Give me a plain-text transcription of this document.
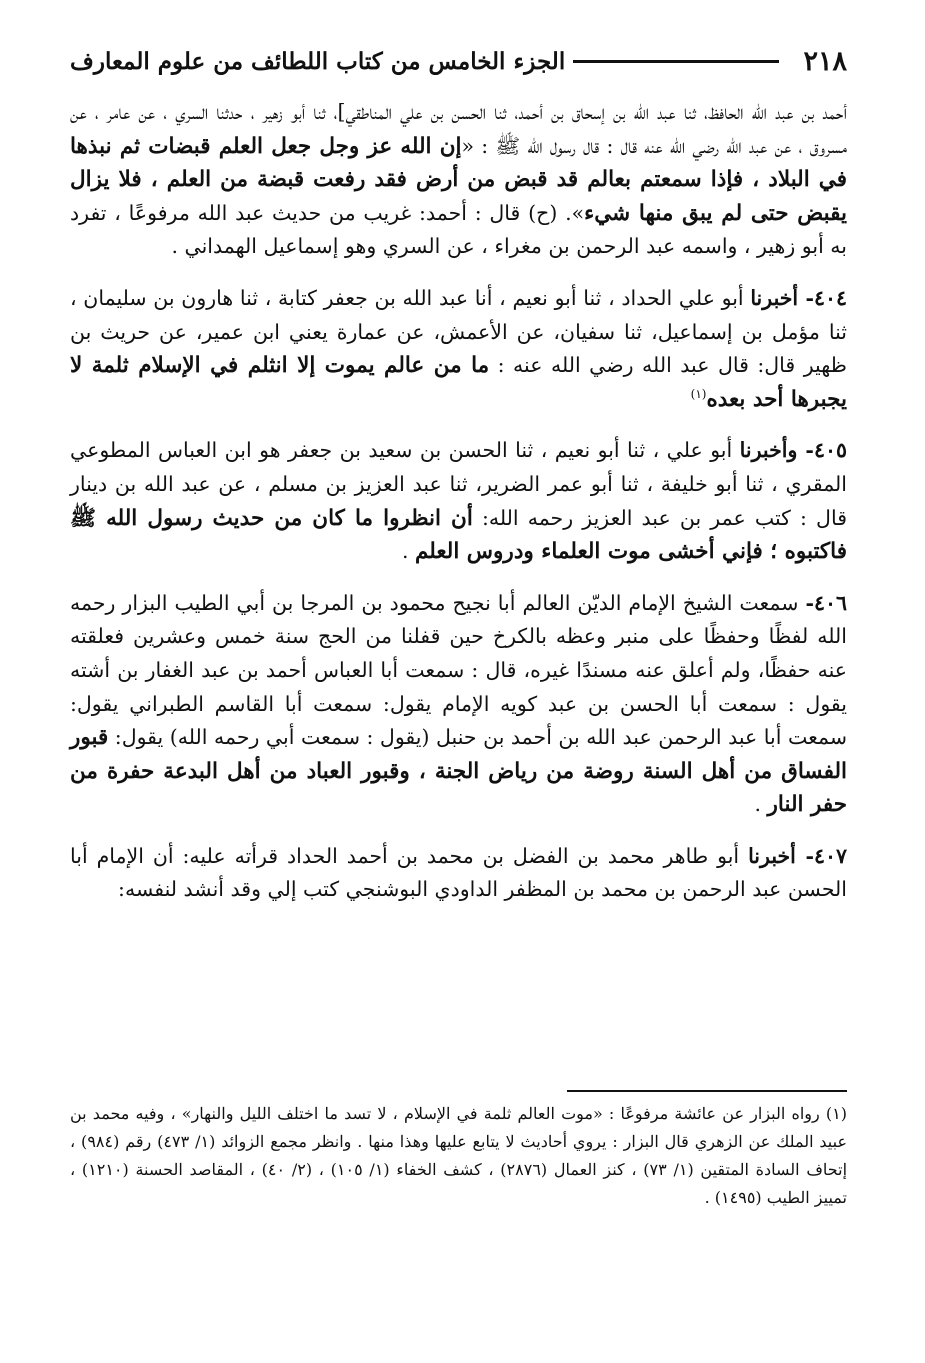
٢١٨
الجزء الخامس من كتاب اللطائف من علوم المعارف

أحمد بن عبد الله الحافظ، ثنا عبد الله بن إسحاق بن أحمد، ثنا الحسن بن علي المناطقي]، ثنا أبو زهير ، حدثنا السري ، عن عامر ، عن مسروق ، عن عبد الله رضي الله عنه قال : قال رسول الله ﷺ : «إن الله عز وجل جعل العلم قبضات ثم نبذها في البلاد ، فإذا سمعتم بعالم قد قبض من أرض فقد رفعت قبضة من العلم ، فلا يزال يقبض حتى لم يبق منها شيء». (ح) قال : أحمد: غريب من حديث عبد الله مرفوعًا ، تفرد به أبو زهير ، واسمه عبد الرحمن بن مغراء ، عن السري وهو إسماعيل الهمداني .

٤٠٤- أخبرنا أبو علي الحداد ، ثنا أبو نعيم ، أنا عبد الله بن جعفر كتابة ، ثنا هارون بن سليمان ، ثنا مؤمل بن إسماعيل، ثنا سفيان، عن الأعمش، عن عمارة يعني ابن عمير، عن حريث بن ظهير قال: قال عبد الله رضي الله عنه : ما من عالم يموت إلا انثلم في الإسلام ثلمة لا يجبرها أحد بعده$^{(١)}$

٤٠٥- وأخبرنا أبو علي ، ثنا أبو نعيم ، ثنا الحسن بن سعيد بن جعفر هو ابن العباس المطوعي المقري ، ثنا أبو خليفة ، ثنا أبو عمر الضرير، ثنا عبد العزيز بن مسلم ، عن عبد الله بن دينار قال : كتب عمر بن عبد العزيز رحمه الله: أن انظروا ما كان من حديث رسول الله ﷺ فاكتبوه ؛ فإني أخشى موت العلماء ودروس العلم .

٤٠٦- سمعت الشيخ الإمام الديّن العالم أبا نجيح محمود بن المرجا بن أبي الطيب البزار رحمه الله لفظًا وحفظًا على منبر وعظه بالكرخ حين قفلنا من الحج سنة خمس وعشرين فعلقته عنه حفظًا، ولم أعلق عنه مسندًا غيره، قال : سمعت أبا العباس أحمد بن عبد الغفار بن أشته يقول : سمعت أبا الحسن بن عبد كويه الإمام يقول: سمعت أبا القاسم الطبراني يقول: سمعت أبا عبد الرحمن عبد الله بن أحمد بن حنبل (يقول : سمعت أبي رحمه الله) يقول: قبور الفساق من أهل السنة روضة من رياض الجنة ، وقبور العباد من أهل البدعة حفرة من حفر النار .

٤٠٧- أخبرنا أبو طاهر محمد بن الفضل بن محمد بن أحمد الحداد قرأته عليه: أن الإمام أبا الحسن عبد الرحمن بن محمد بن المظفر الداودي البوشنجي كتب إلي وقد أنشد لنفسه:

(١) رواه البزار عن عائشة مرفوعًا : «موت العالم ثلمة في الإسلام ، لا تسد ما اختلف الليل والنهار» ، وفيه محمد بن عبيد الملك عن الزهري قال البزار : يروي أحاديث لا يتابع عليها وهذا منها . وانظر مجمع الزوائد (١/ ٤٧٣) رقم (٩٨٤) ، إتحاف السادة المتقين (١/ ٧٣) ، كنز العمال (٢٨٧٦) ، كشف الخفاء (١/ ١٠٥) ، (٢/ ٤٠) ، المقاصد الحسنة (١٢١٠) ، تمييز الطيب (١٤٩٥) .
